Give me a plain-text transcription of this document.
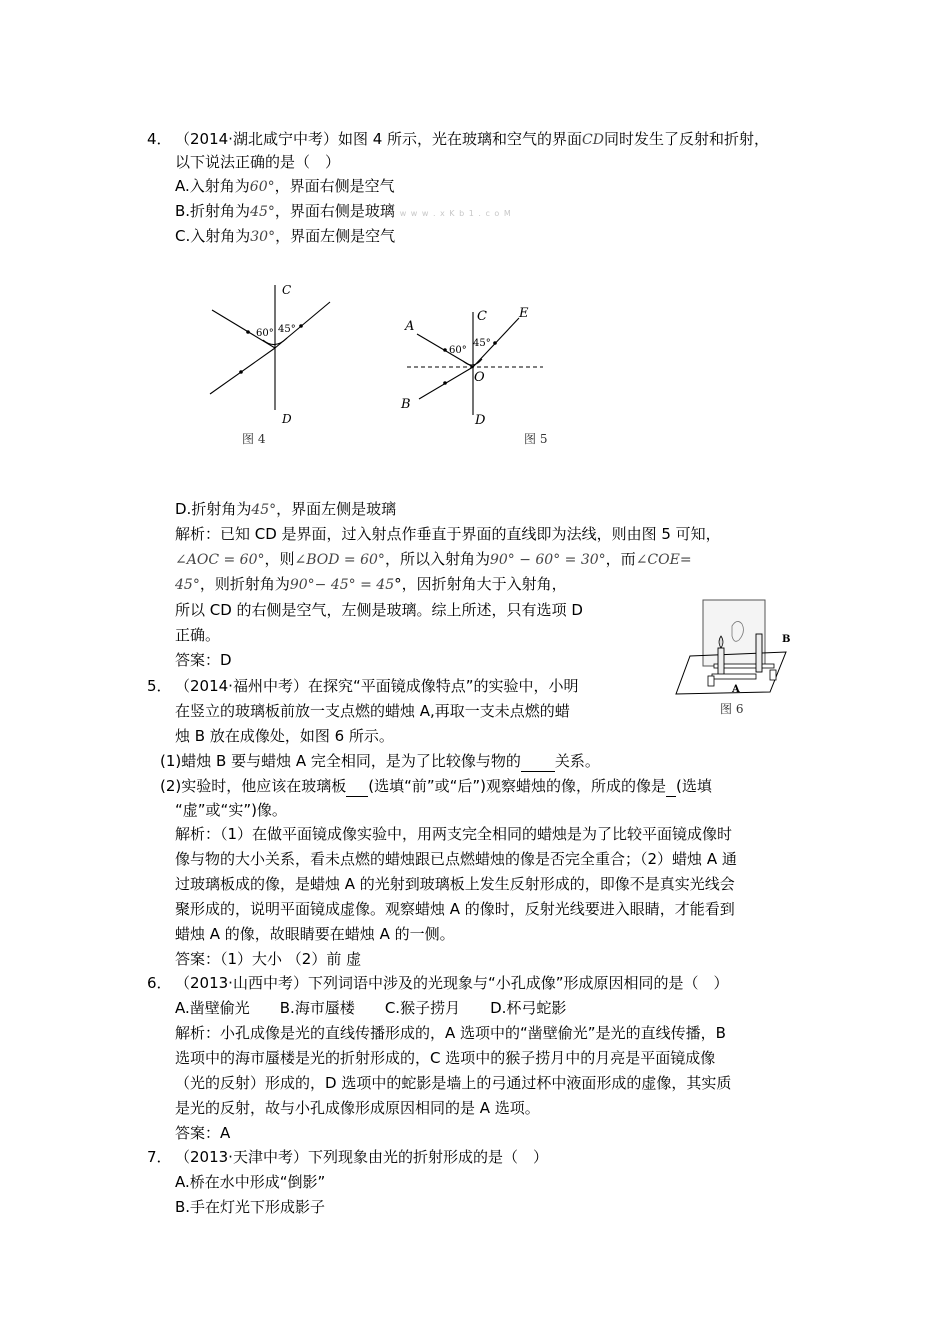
4． （2014·湖北咸宁中考）如图 4 所示，光在玻璃和空气的界面CD同时发生了反射和折射，
以下说法正确的是（　）
A.入射角为60°，界面右侧是空气
B.折射角为45°，界面右侧是玻璃 w w w . x K b 1 . c o M
C.入射角为30°，界面左侧是空气
C
D
60° 45°
图 4
A
B
C
D
E
O
60°
45°
图 5
D.折射角为45°，界面左侧是玻璃
解析：已知 CD 是界面，过入射点作垂直于界面的直线即为法线，则由图 5 可知，
∠AOC = 60°，则∠BOD = 60°，所以入射角为90° − 60° = 30°，而∠COE=
45°，则折射角为90°− 45° = 45°，因折射角大于入射角，
所以 CD 的右侧是空气，左侧是玻璃。综上所述，只有选项 D
正确。
答案：D
A
B
图 6
5． （2014·福州中考）在探究“平面镜成像特点”的实验中，小明
在竖立的玻璃板前放一支点燃的蜡烛 A,再取一支未点燃的蜡
烛 B 放在成像处，如图 6 所示。
(1)蜡烛 B 要与蜡烛 A 完全相同，是为了比较像与物的 关系。
(2)实验时，他应该在玻璃板 (选填“前”或“后”)观察蜡烛的像，所成的像是 (选填
“虚”或“实”)像。
解析：（1）在做平面镜成像实验中，用两支完全相同的蜡烛是为了比较平面镜成像时
像与物的大小关系，看未点燃的蜡烛跟已点燃蜡烛的像是否完全重合；（2）蜡烛 A 通
过玻璃板成的像，是蜡烛 A 的光射到玻璃板上发生反射形成的，即像不是真实光线会
聚形成的，说明平面镜成虚像。观察蜡烛 A 的像时，反射光线要进入眼睛，才能看到
蜡烛 A 的像，故眼睛要在蜡烛 A 的一侧。
答案：（1）大小 （2）前 虚
6． （2013·山西中考）下列词语中涉及的光现象与“小孔成像”形成原因相同的是（　）
A.凿壁偷光　　B.海市蜃楼　　C.猴子捞月　　D.杯弓蛇影
解析：小孔成像是光的直线传播形成的，A 选项中的“凿壁偷光”是光的直线传播，B
选项中的海市蜃楼是光的折射形成的，C 选项中的猴子捞月中的月亮是平面镜成像
（光的反射）形成的，D 选项中的蛇影是墙上的弓通过杯中液面形成的虚像，其实质
是光的反射，故与小孔成像形成原因相同的是 A 选项。
答案：A
7． （2013·天津中考）下列现象由光的折射形成的是（　）
A.桥在水中形成“倒影”
B.手在灯光下形成影子
